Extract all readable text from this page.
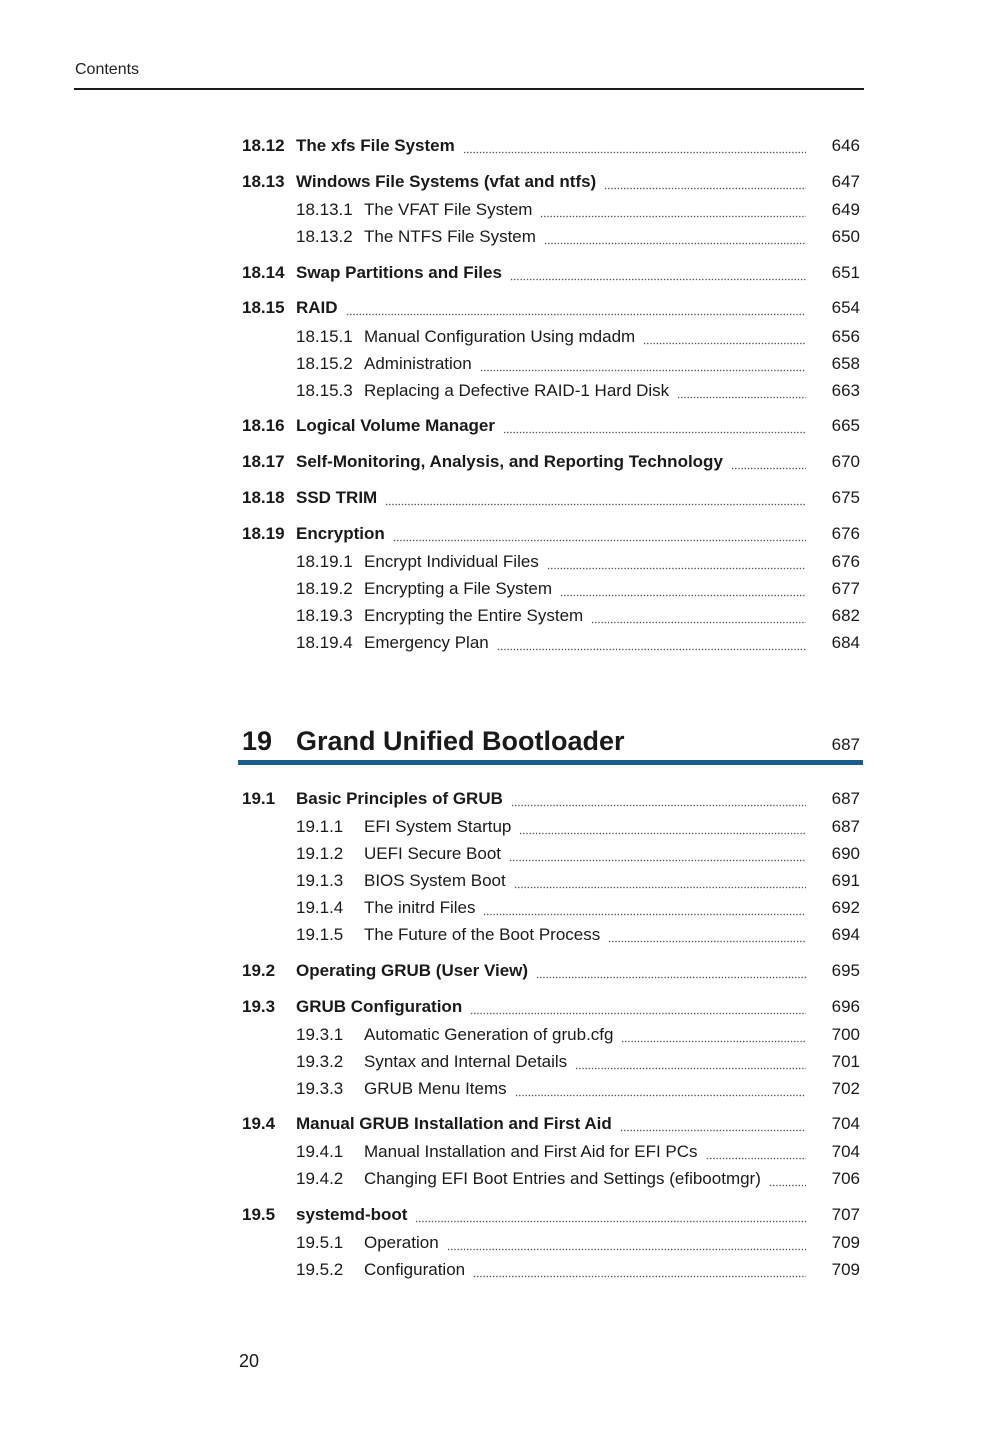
Contents
19 Grand Unified Bootloader	687
20
18.12 The xfs File System	646
18.13 Windows File Systems (vfat and ntfs)	647
18.13.1 The VFAT File System	649
18.13.2 The NTFS File System	650
18.14 Swap Partitions and Files	651
18.15 RAID	654
18.15.1 Manual Configuration Using mdadm	656
18.15.2 Administration	658
18.15.3 Replacing a Defective RAID-1 Hard Disk	663
18.16 Logical Volume Manager	665
18.17 Self-Monitoring, Analysis, and Reporting Technology	670
18.18 SSD TRIM	675
18.19 Encryption	676
18.19.1 Encrypt Individual Files	676
18.19.2 Encrypting a File System	677
18.19.3 Encrypting the Entire System	682
18.19.4 Emergency Plan	684
19.1	Basic Principles of GRUB	687
19.1.1	EFI System Startup	687
19.1.2	UEFI Secure Boot	690
19.1.3	BIOS System Boot	691
19.1.4	The initrd Files	692
19.1.5	The Future of the Boot Process	694
19.2	Operating GRUB (User View)	695
19.3	GRUB Configuration	696
19.3.1	Automatic Generation of grub.cfg	700
19.3.2	Syntax and Internal Details	701
19.3.3	GRUB Menu Items	702
19.4	Manual GRUB Installation and First Aid	704
19.4.1	Manual Installation and First Aid for EFI PCs	704
19.4.2	Changing EFI Boot Entries and Settings (efibootmgr)	706
19.5	systemd-boot	707
19.5.1	Operation	709
19.5.2	Configuration	709
